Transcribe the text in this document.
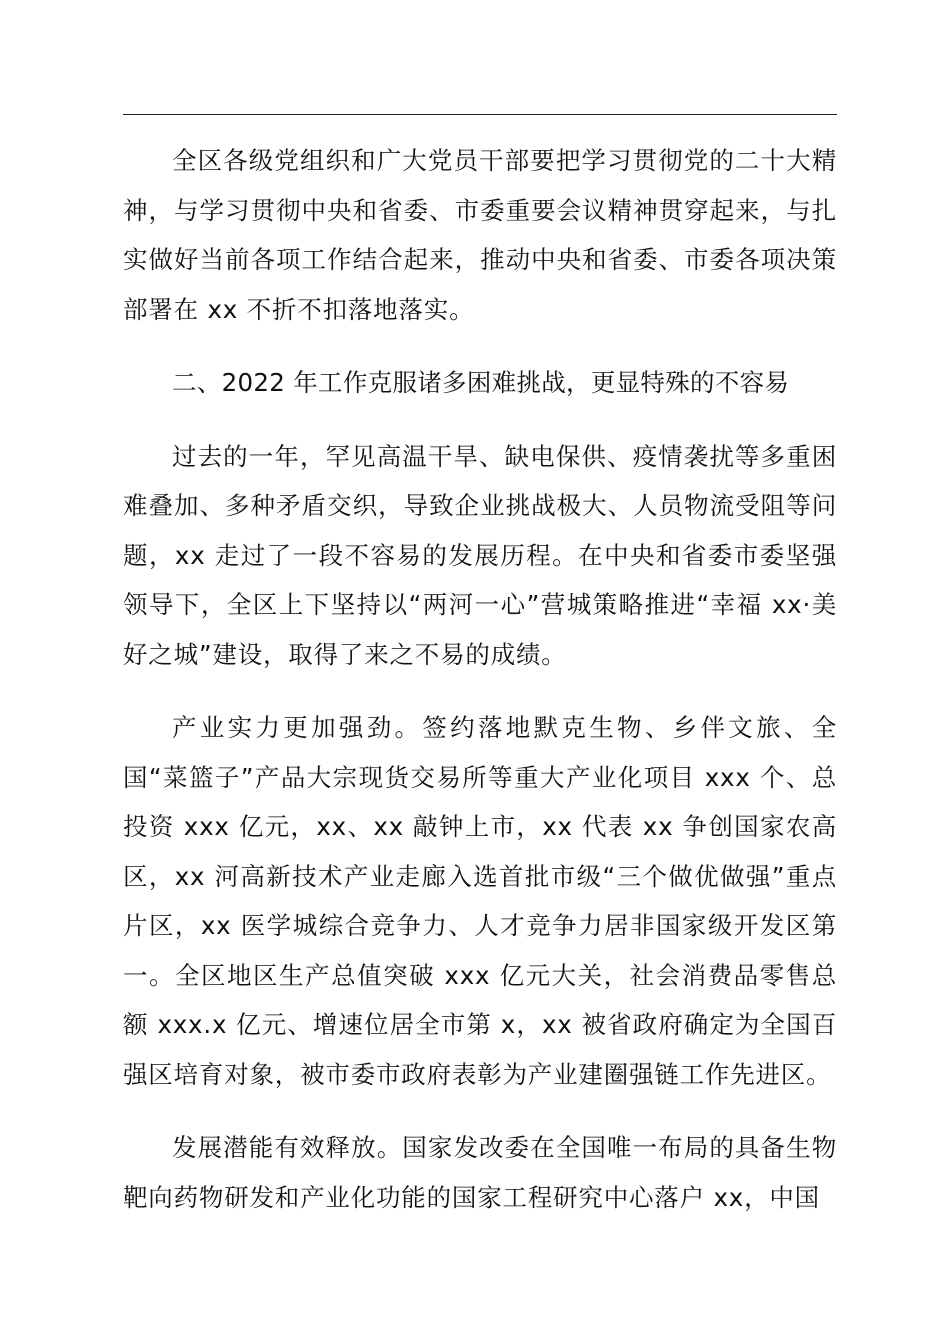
全区各级党组织和广大党员干部要把学习贯彻党的二十大精神，与学习贯彻中央和省委、市委重要会议精神贯穿起来，与扎实做好当前各项工作结合起来，推动中央和省委、市委各项决策部署在 xx 不折不扣落地落实。

二、2022 年工作克服诸多困难挑战，更显特殊的不容易

过去的一年，罕见高温干旱、缺电保供、疫情袭扰等多重困难叠加、多种矛盾交织，导致企业挑战极大、人员物流受阻等问题，xx 走过了一段不容易的发展历程。在中央和省委市委坚强领导下，全区上下坚持以“两河一心”营城策略推进“幸福 xx·美好之城”建设，取得了来之不易的成绩。

产业实力更加强劲。签约落地默克生物、乡伴文旅、全国“菜篮子”产品大宗现货交易所等重大产业化项目 xxx 个、总投资 xxx 亿元，xx、xx 敲钟上市，xx 代表 xx 争创国家农高区，xx 河高新技术产业走廊入选首批市级“三个做优做强”重点片区，xx 医学城综合竞争力、人才竞争力居非国家级开发区第一。全区地区生产总值突破 xxx 亿元大关，社会消费品零售总额 xxx.x 亿元、增速位居全市第 x，xx 被省政府确定为全国百强区培育对象，被市委市政府表彰为产业建圈强链工作先进区。

发展潜能有效释放。国家发改委在全国唯一布局的具备生物靶向药物研发和产业化功能的国家工程研究中心落户 xx，中国
